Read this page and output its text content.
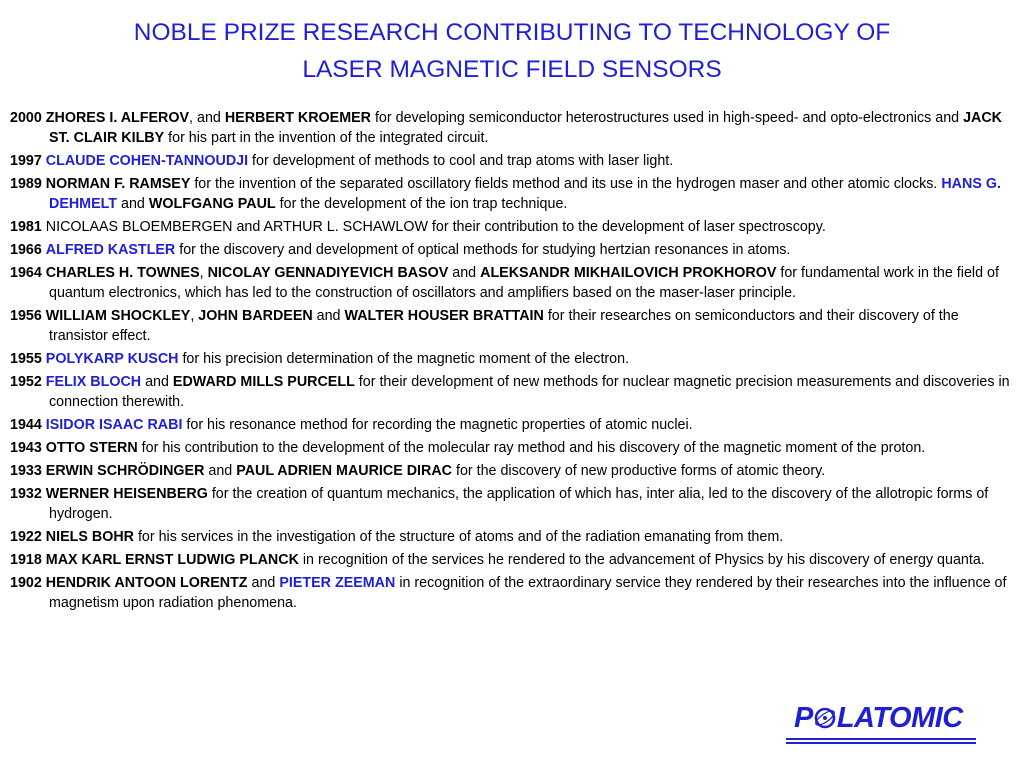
NOBLE PRIZE RESEARCH CONTRIBUTING TO TECHNOLOGY OF
LASER MAGNETIC FIELD SENSORS
2000 ZHORES I. ALFEROV, and HERBERT KROEMER for developing semiconductor heterostructures used in high-speed- and opto-electronics and JACK ST. CLAIR KILBY for his part in the invention of the integrated circuit.
1997 CLAUDE COHEN-TANNOUDJI for development of methods to cool and trap atoms with laser light.
1989 NORMAN F. RAMSEY for the invention of the separated oscillatory fields method and its use in the hydrogen maser and other atomic clocks. HANS G. DEHMELT and WOLFGANG PAUL for the development of the ion trap technique.
1981 NICOLAAS BLOEMBERGEN and ARTHUR L. SCHAWLOW for their contribution to the development of laser spectroscopy.
1966 ALFRED KASTLER for the discovery and development of optical methods for studying hertzian resonances in atoms.
1964 CHARLES H. TOWNES, NICOLAY GENNADIYEVICH BASOV and ALEKSANDR MIKHAILOVICH PROKHOROV for fundamental work in the field of quantum electronics, which has led to the construction of oscillators and amplifiers based on the maser-laser principle.
1956 WILLIAM SHOCKLEY, JOHN BARDEEN and WALTER HOUSER BRATTAIN for their researches on semiconductors and their discovery of the transistor effect.
1955 POLYKARP KUSCH for his precision determination of the magnetic moment of the electron.
1952 FELIX BLOCH and EDWARD MILLS PURCELL for their development of new methods for nuclear magnetic precision measurements and discoveries in connection therewith.
1944 ISIDOR ISAAC RABI for his resonance method for recording the magnetic properties of atomic nuclei.
1943 OTTO STERN for his contribution to the development of the molecular ray method and his discovery of the magnetic moment of the proton.
1933 ERWIN SCHRÖDINGER and PAUL ADRIEN MAURICE DIRAC for the discovery of new productive forms of atomic theory.
1932 WERNER HEISENBERG for the creation of quantum mechanics, the application of which has, inter alia, led to the discovery of the allotropic forms of hydrogen.
1922 NIELS BOHR for his services in the investigation of the structure of atoms and of the radiation emanating from them.
1918 MAX KARL ERNST LUDWIG PLANCK in recognition of the services he rendered to the advancement of Physics by his discovery of energy quanta.
1902 HENDRIK ANTOON LORENTZ and PIETER ZEEMAN in recognition of the extraordinary service they rendered by their researches into the influence of magnetism upon radiation phenomena.
P LATOMIC
